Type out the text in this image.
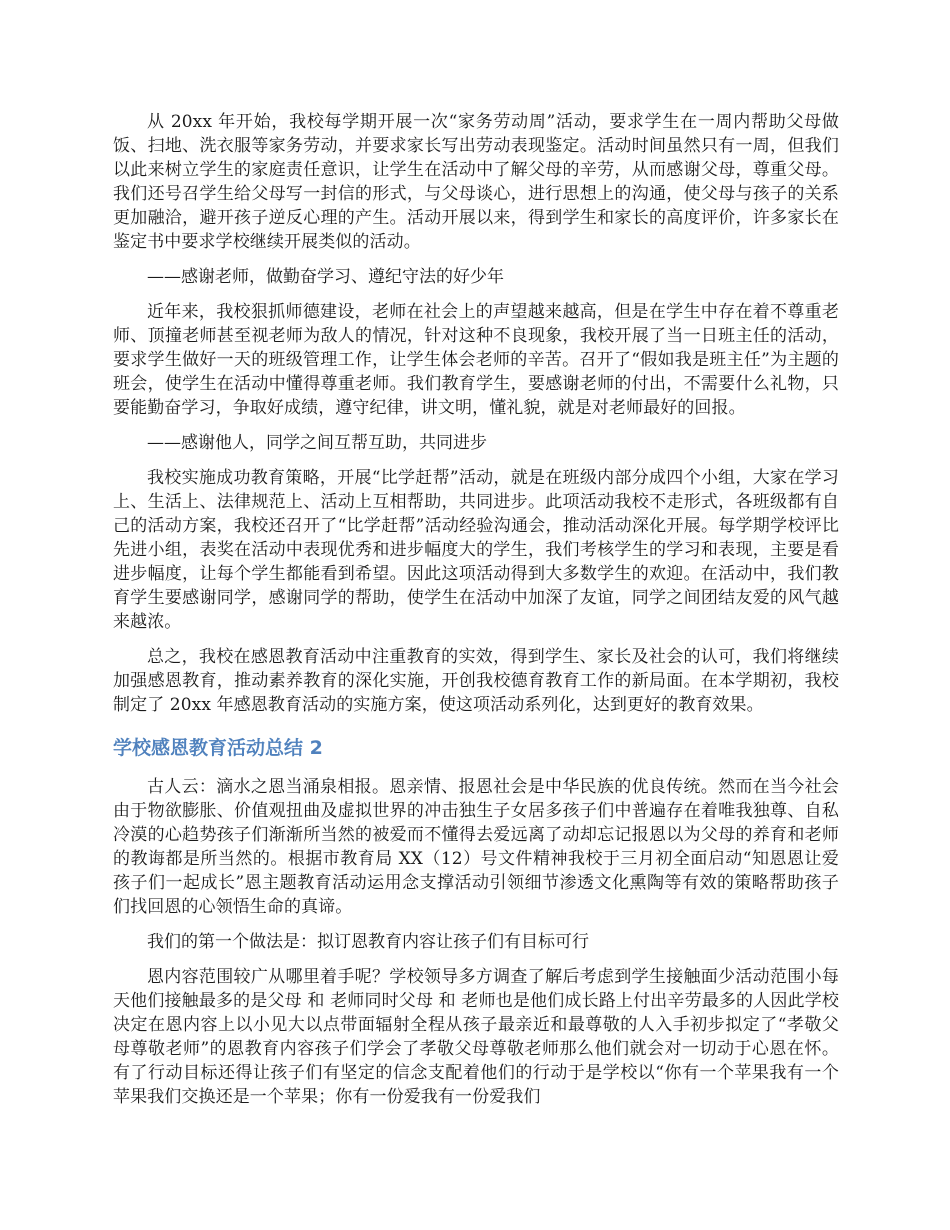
从 20xx 年开始，我校每学期开展一次“家务劳动周”活动，要求学生在一周内帮助父母做饭、扫地、洗衣服等家务劳动，并要求家长写出劳动表现鉴定。活动时间虽然只有一周，但我们以此来树立学生的家庭责任意识，让学生在活动中了解父母的辛劳，从而感谢父母，尊重父母。我们还号召学生给父母写一封信的形式，与父母谈心，进行思想上的沟通，使父母与孩子的关系更加融洽，避开孩子逆反心理的产生。活动开展以来，得到学生和家长的高度评价，许多家长在鉴定书中要求学校继续开展类似的活动。

——感谢老师，做勤奋学习、遵纪守法的好少年

近年来，我校狠抓师德建设，老师在社会上的声望越来越高，但是在学生中存在着不尊重老师、顶撞老师甚至视老师为敌人的情况，针对这种不良现象，我校开展了当一日班主任的活动，要求学生做好一天的班级管理工作，让学生体会老师的辛苦。召开了“假如我是班主任”为主题的班会，使学生在活动中懂得尊重老师。我们教育学生，要感谢老师的付出，不需要什么礼物，只要能勤奋学习，争取好成绩，遵守纪律，讲文明，懂礼貌，就是对老师最好的回报。

——感谢他人，同学之间互帮互助，共同进步

我校实施成功教育策略，开展“比学赶帮”活动，就是在班级内部分成四个小组，大家在学习上、生活上、法律规范上、活动上互相帮助，共同进步。此项活动我校不走形式，各班级都有自己的活动方案，我校还召开了“比学赶帮”活动经验沟通会，推动活动深化开展。每学期学校评比先进小组，表奖在活动中表现优秀和进步幅度大的学生，我们考核学生的学习和表现，主要是看进步幅度，让每个学生都能看到希望。因此这项活动得到大多数学生的欢迎。在活动中，我们教育学生要感谢同学，感谢同学的帮助，使学生在活动中加深了友谊，同学之间团结友爱的风气越来越浓。

总之，我校在感恩教育活动中注重教育的实效，得到学生、家长及社会的认可，我们将继续加强感恩教育，推动素养教育的深化实施，开创我校德育教育工作的新局面。在本学期初，我校制定了 20xx 年感恩教育活动的实施方案，使这项活动系列化，达到更好的教育效果。

学校感恩教育活动总结 2

古人云：滴水之恩当涌泉相报。恩亲情、报恩社会是中华民族的优良传统。然而在当今社会由于物欲膨胀、价值观扭曲及虚拟世界的冲击独生子女居多孩子们中普遍存在着唯我独尊、自私冷漠的心趋势孩子们渐渐所当然的被爱而不懂得去爱远离了动却忘记报恩以为父母的养育和老师的教诲都是所当然的。根据市教育局 XX（12）号文件精神我校于三月初全面启动“知恩恩让爱孩子们一起成长”恩主题教育活动运用念支撑活动引领细节渗透文化熏陶等有效的策略帮助孩子们找回恩的心领悟生命的真谛。

我们的第一个做法是：拟订恩教育内容让孩子们有目标可行

恩内容范围较广从哪里着手呢？学校领导多方调查了解后考虑到学生接触面少活动范围小每天他们接触最多的是父母 和 老师同时父母 和 老师也是他们成长路上付出辛劳最多的人因此学校决定在恩内容上以小见大以点带面辐射全程从孩子最亲近和最尊敬的人入手初步拟定了“孝敬父母尊敬老师”的恩教育内容孩子们学会了孝敬父母尊敬老师那么他们就会对一切动于心恩在怀。有了行动目标还得让孩子们有坚定的信念支配着他们的行动于是学校以“你有一个苹果我有一个苹果我们交换还是一个苹果；你有一份爱我有一份爱我们
